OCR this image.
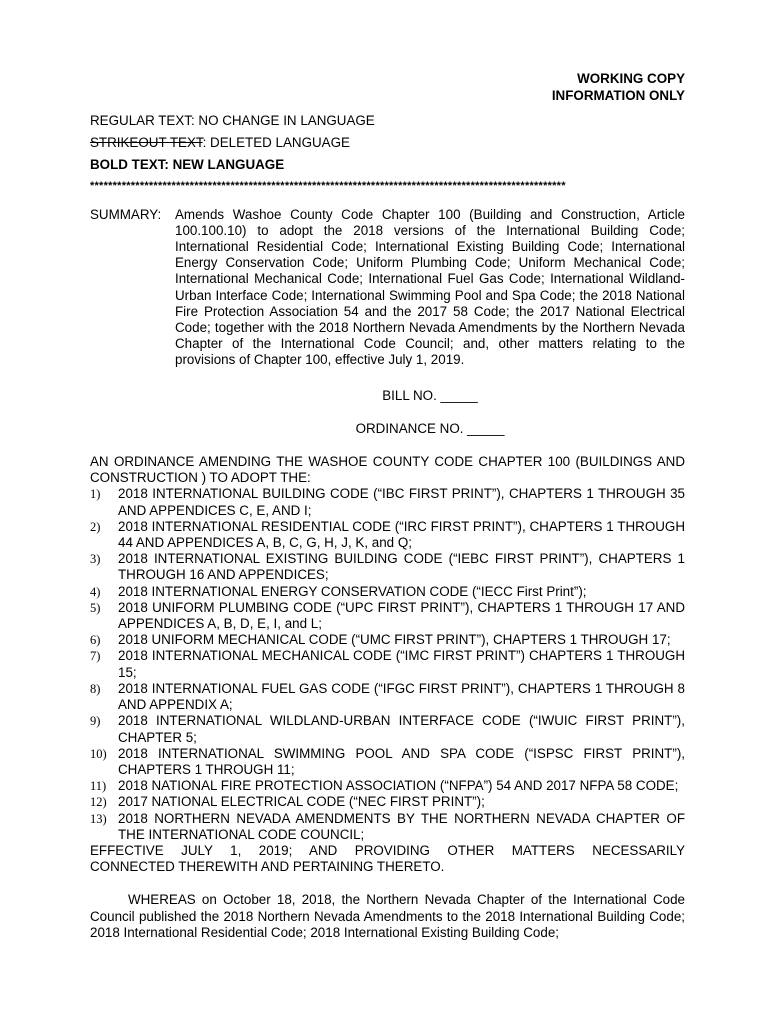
WORKING COPY
INFORMATION ONLY

REGULAR TEXT: NO CHANGE IN LANGUAGE

STRIKEOUT TEXT: DELETED LANGUAGE

BOLD TEXT: NEW LANGUAGE

*********************************************************************************************************
SUMMARY:	Amends Washoe County Code Chapter 100 (Building and Construction, Article 100.100.10) to adopt the 2018 versions of the International Building Code; International Residential Code; International Existing Building Code; International Energy Conservation Code; Uniform Plumbing Code; Uniform Mechanical Code; International Mechanical Code; International Fuel Gas Code; International Wildland-Urban Interface Code; International Swimming Pool and Spa Code; the 2018 National Fire Protection Association 54 and the 2017 58 Code; the 2017 National Electrical Code; together with the 2018 Northern Nevada Amendments by the Northern Nevada Chapter of the International Code Council; and, other matters relating to the provisions of Chapter 100, effective July 1, 2019.
BILL NO. _____
ORDINANCE NO. _____
AN ORDINANCE AMENDING THE WASHOE COUNTY CODE CHAPTER 100 (BUILDINGS AND CONSTRUCTION ) TO ADOPT THE:
1)	2018 INTERNATIONAL BUILDING CODE (“IBC FIRST PRINT”), CHAPTERS 1 THROUGH 35 AND APPENDICES C, E, AND I;
2)	2018 INTERNATIONAL RESIDENTIAL CODE (“IRC FIRST PRINT”), CHAPTERS 1 THROUGH 44 AND APPENDICES A, B, C, G, H, J, K, and Q;
3)	2018 INTERNATIONAL EXISTING BUILDING CODE (“IEBC FIRST PRINT”), CHAPTERS 1 THROUGH 16 AND APPENDICES;
4)	2018 INTERNATIONAL ENERGY CONSERVATION CODE (“IECC First Print”);
5)	2018 UNIFORM PLUMBING CODE (“UPC FIRST PRINT”), CHAPTERS 1 THROUGH 17 AND APPENDICES A, B, D, E, I, and L;
6)	2018 UNIFORM MECHANICAL CODE (“UMC FIRST PRINT”), CHAPTERS 1 THROUGH 17;
7)	2018 INTERNATIONAL MECHANICAL CODE (“IMC FIRST PRINT”) CHAPTERS 1 THROUGH 15;
8)	2018 INTERNATIONAL FUEL GAS CODE (“IFGC FIRST PRINT”), CHAPTERS 1 THROUGH 8 AND APPENDIX A;
9)	2018 INTERNATIONAL WILDLAND-URBAN INTERFACE CODE (“IWUIC FIRST PRINT”), CHAPTER 5;
10) 2018 INTERNATIONAL SWIMMING POOL AND SPA CODE (“ISPSC FIRST PRINT”), CHAPTERS 1 THROUGH 11;
11) 2018 NATIONAL FIRE PROTECTION ASSOCIATION (“NFPA”) 54 AND 2017 NFPA 58 CODE;
12) 2017 NATIONAL ELECTRICAL CODE (“NEC FIRST PRINT”);
13) 2018 NORTHERN NEVADA AMENDMENTS BY THE NORTHERN NEVADA CHAPTER OF THE INTERNATIONAL CODE COUNCIL;
EFFECTIVE JULY 1, 2019; AND PROVIDING OTHER MATTERS NECESSARILY
CONNECTED THEREWITH AND PERTAINING THERETO.
WHEREAS on October 18, 2018, the Northern Nevada Chapter of the International Code Council published the 2018 Northern Nevada Amendments to the 2018 International Building Code; 2018 International Residential Code; 2018 International Existing Building Code;
